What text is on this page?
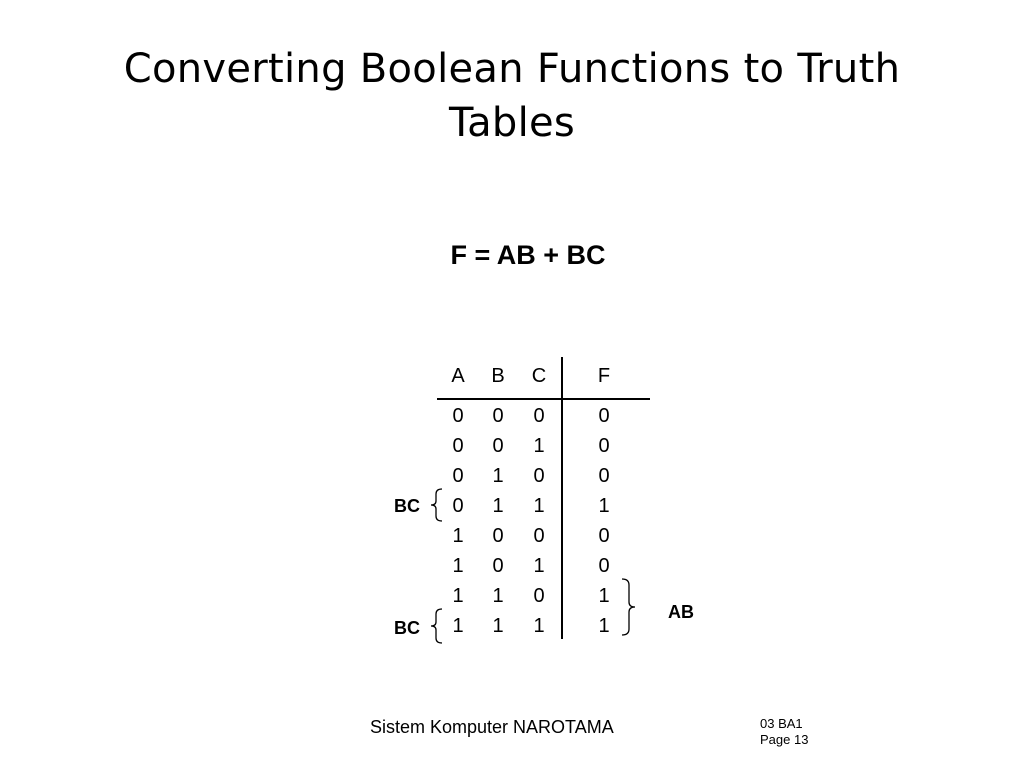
Converting Boolean Functions to Truth Tables
F = AB + BC
A	B	C	F
0	0	0	0
0	0	1	0
0	1	0	0
0	1	1	1
1	0	0	0
1	0	1	0
1	1	0	1
1	1	1	1
BC
BC
AB
Sistem Komputer NAROTAMA	03 BA1
Page 13
